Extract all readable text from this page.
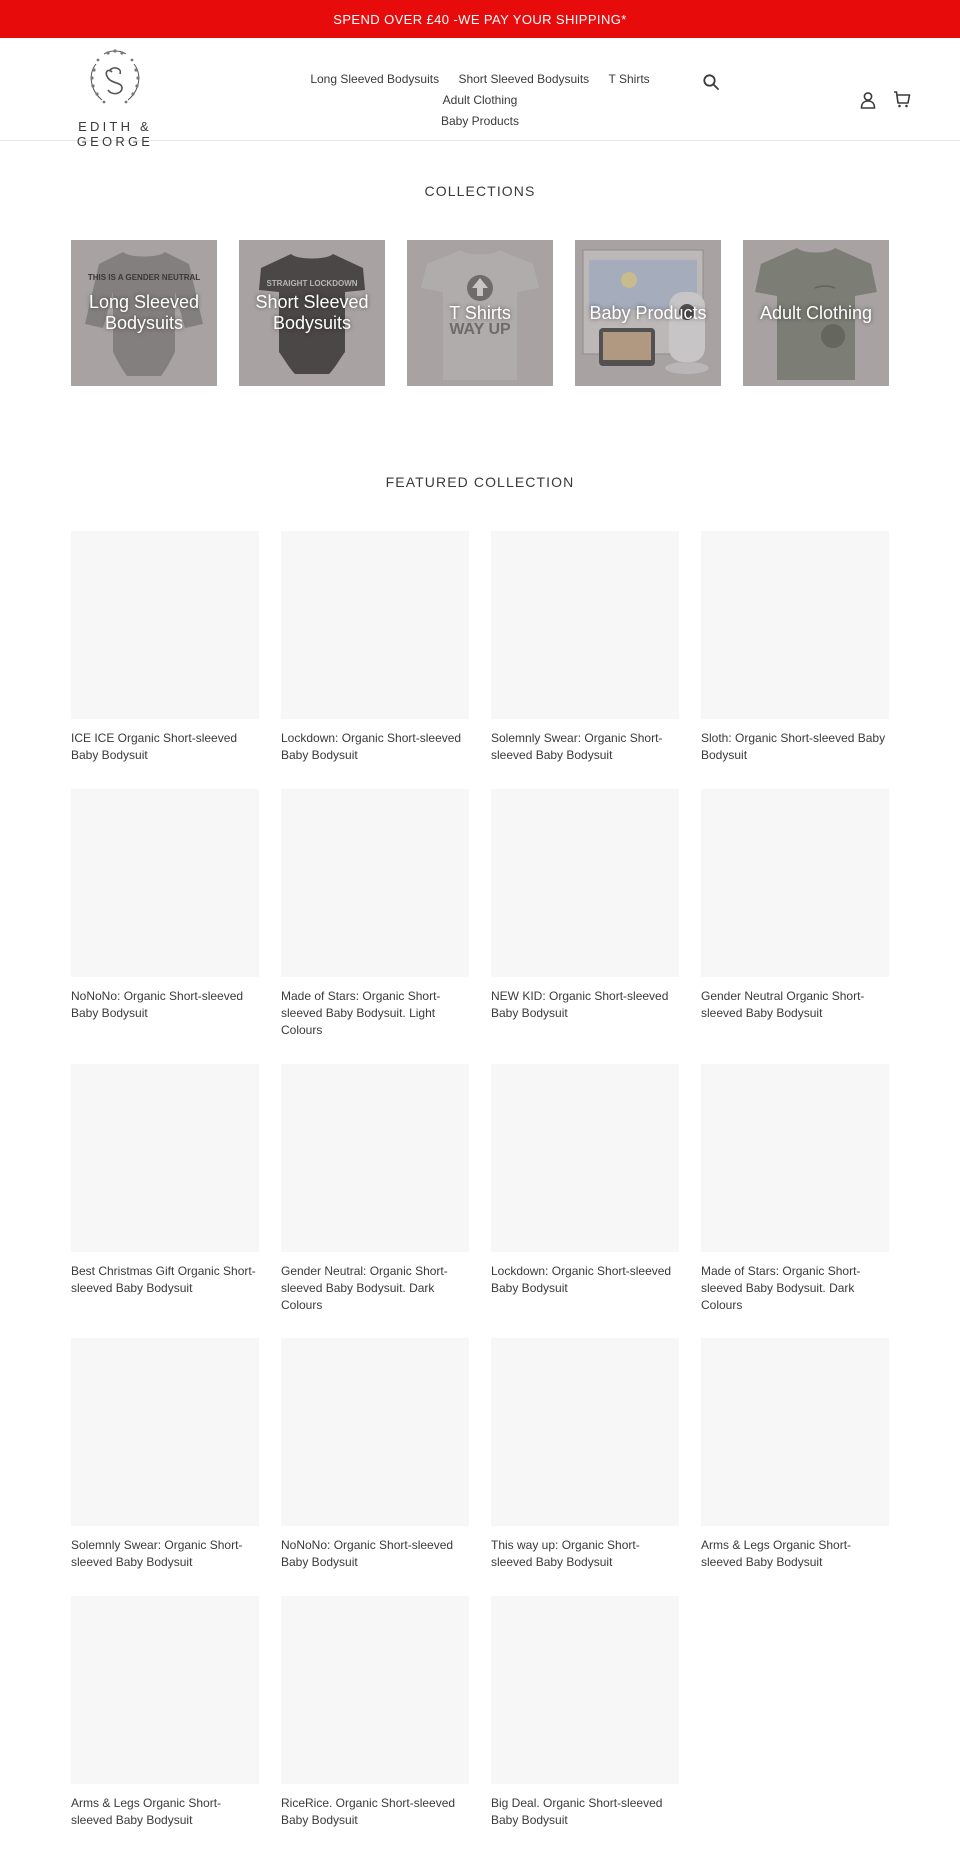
SPEND OVER £40 -WE PAY YOUR SHIPPING*
EDITH & GEORGE
Long Sleeved Bodysuits Short Sleeved Bodysuits T Shirts Adult Clothing
Baby Products
COLLECTIONS
THIS IS A GENDER NEUTRAL
Long Sleeved Bodysuits
STRAIGHT LOCKDOWN
Short Sleeved Bodysuits	WAY UP
T Shirts	Baby Products	Adult Clothing
FEATURED COLLECTION
ICE ICE Organic Short-sleeved Baby Bodysuit
Lockdown: Organic Short-sleeved Baby Bodysuit
Solemnly Swear: Organic Short-sleeved Baby Bodysuit
Sloth: Organic Short-sleeved Baby Bodysuit
NoNoNo: Organic Short-sleeved Baby Bodysuit
Made of Stars: Organic Short-sleeved Baby Bodysuit. Light Colours
NEW KID: Organic Short-sleeved Baby Bodysuit
Gender Neutral Organic Short-sleeved Baby Bodysuit
Best Christmas Gift Organic Short-sleeved Baby Bodysuit
Gender Neutral: Organic Short-sleeved Baby Bodysuit. Dark Colours
Lockdown: Organic Short-sleeved Baby Bodysuit
Made of Stars: Organic Short-sleeved Baby Bodysuit. Dark Colours
Solemnly Swear: Organic Short-sleeved Baby Bodysuit
NoNoNo: Organic Short-sleeved Baby Bodysuit
This way up: Organic Short-sleeved Baby Bodysuit
Arms & Legs Organic Short-sleeved Baby Bodysuit
Arms & Legs Organic Short-sleeved Baby Bodysuit
RiceRice. Organic Short-sleeved Baby Bodysuit
Big Deal. Organic Short-sleeved Baby Bodysuit
